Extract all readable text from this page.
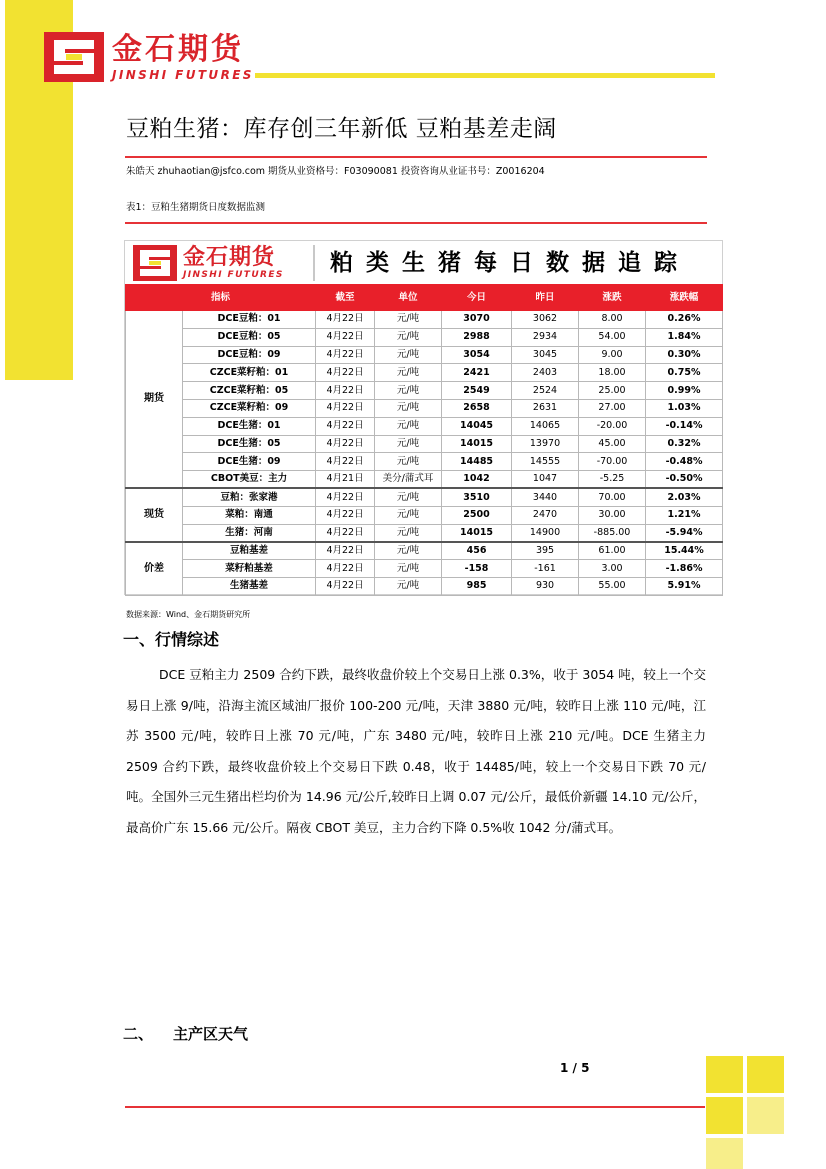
金石期货
JINSHI FUTURES
豆粕生猪：库存创三年新低 豆粕基差走阔
朱皓天 zhuhaotian@jsfco.com 期货从业资格号：F03090081 投资咨询从业证书号：Z0016204
表1：豆粕生猪期货日度数据监测
金石期货
JINSHI FUTURES 粕类生猪每日数据追踪
指标		截至	单位	今日	昨日	涨跌	涨跌幅
期货	DCE豆粕：01	4月22日	元/吨	3070	3062	8.00	0.26%
	DCE豆粕：05	4月22日	元/吨	2988	2934	54.00	1.84%
	DCE豆粕：09	4月22日	元/吨	3054	3045	9.00	0.30%
	CZCE菜籽粕：01	4月22日	元/吨	2421	2403	18.00	0.75%
	CZCE菜籽粕：05	4月22日	元/吨	2549	2524	25.00	0.99%
	CZCE菜籽粕：09	4月22日	元/吨	2658	2631	27.00	1.03%
	DCE生猪：01	4月22日	元/吨	14045	14065	-20.00	-0.14%
	DCE生猪：05	4月22日	元/吨	14015	13970	45.00	0.32%
	DCE生猪：09	4月22日	元/吨	14485	14555	-70.00	-0.48%
	CBOT美豆：主力	4月21日	美分/蒲式耳	1042	1047	-5.25	-0.50%
现货	豆粕：张家港	4月22日	元/吨	3510	3440	70.00	2.03%
	菜粕：南通	4月22日	元/吨	2500	2470	30.00	1.21%
	生猪：河南	4月22日	元/吨	14015	14900	-885.00	-5.94%
价差	豆粕基差	4月22日	元/吨	456	395	61.00	15.44%
	菜籽粕基差	4月22日	元/吨	-158	-161	3.00	-1.86%
	生猪基差	4月22日	元/吨	985	930	55.00	5.91%
数据来源：Wind、金石期货研究所
一、行情综述
DCE 豆粕主力 2509 合约下跌，最终收盘价较上个交易日上涨 0.3%，收于 3054 吨，较上一个交易日上涨 9/吨，沿海主流区域油厂报价 100-200 元/吨，天津 3880 元/吨，较昨日上涨 110 元/吨，江苏 3500 元/吨，较昨日上涨 70 元/吨，广东 3480 元/吨，较昨日上涨 210 元/吨。DCE 生猪主力 2509 合约下跌，最终收盘价较上个交易日下跌 0.48，收于 14485/吨，较上一个交易日下跌 70 元/吨。全国外三元生猪出栏均价为 14.96 元/公斤,较昨日上调 0.07 元/公斤，最低价新疆 14.10 元/公斤，最高价广东 15.66 元/公斤。隔夜 CBOT 美豆，主力合约下降 0.5%收 1042 分/蒲式耳。
二、 主产区天气
1 / 5
